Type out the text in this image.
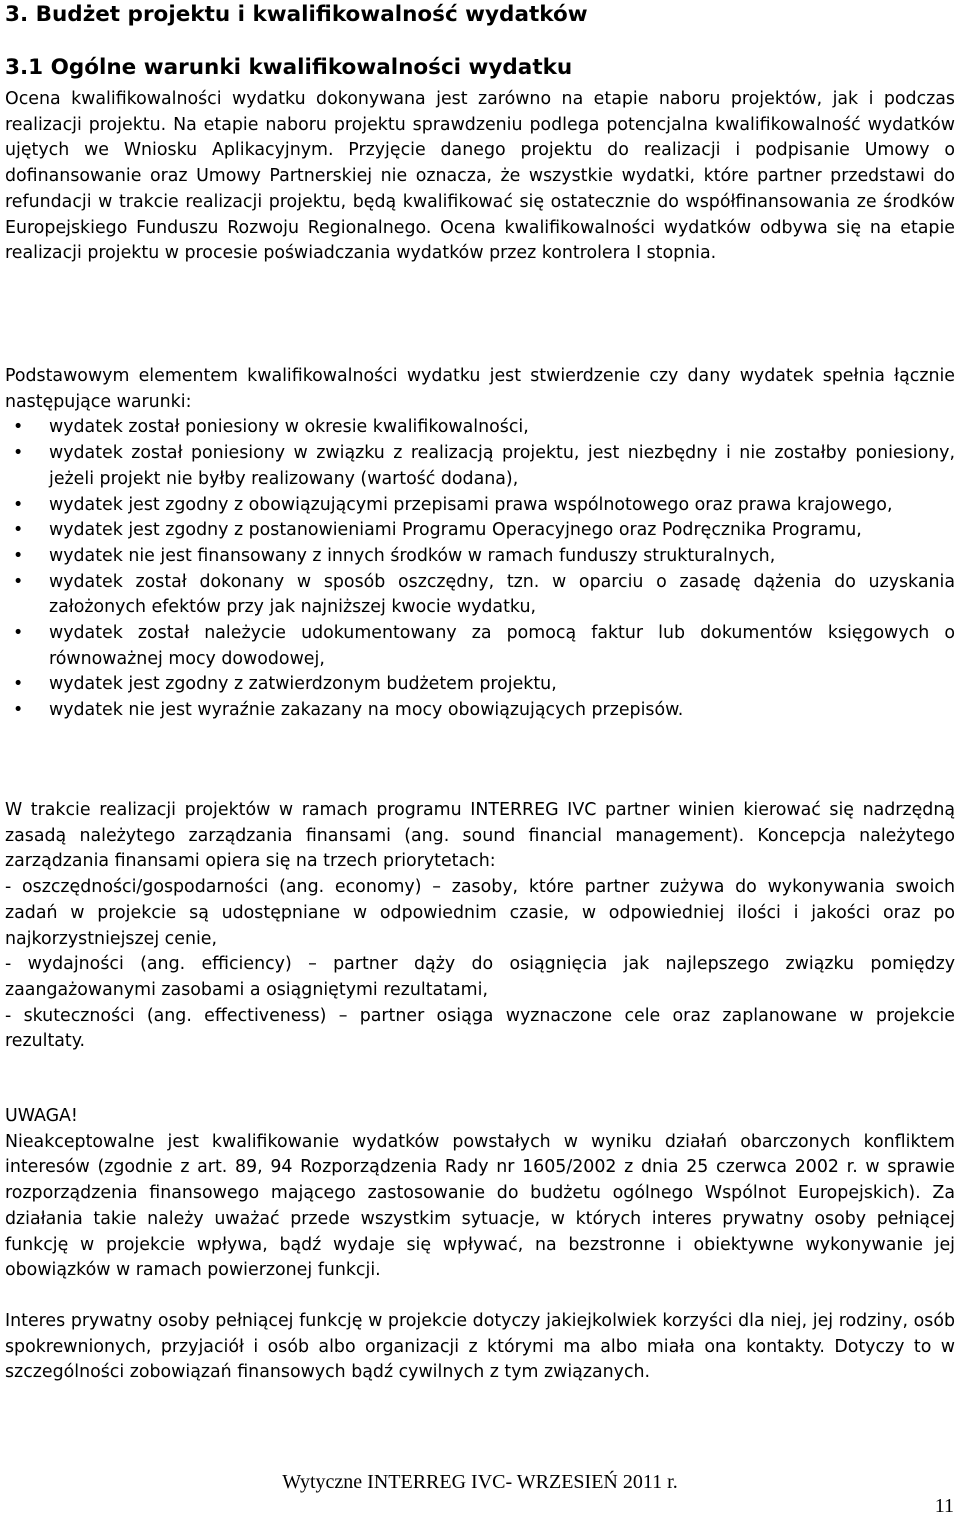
3. Budżet projektu i kwalifikowalność wydatków
3.1 Ogólne warunki kwalifikowalności wydatku

Ocena kwalifikowalności wydatku dokonywana jest zarówno na etapie naboru projektów, jak i podczas realizacji projektu. Na etapie naboru projektu sprawdzeniu podlega potencjalna kwalifikowalność wydatków ujętych we Wniosku Aplikacyjnym. Przyjęcie danego projektu do realizacji i podpisanie Umowy o dofinansowanie oraz Umowy Partnerskiej nie oznacza, że wszystkie wydatki, które partner przedstawi do refundacji w trakcie realizacji projektu, będą kwalifikować się ostatecznie do współfinansowania ze środków Europejskiego Funduszu Rozwoju Regionalnego. Ocena kwalifikowalności wydatków odbywa się na etapie realizacji projektu w procesie poświadczania wydatków przez kontrolera I stopnia.

Podstawowym elementem kwalifikowalności wydatku jest stwierdzenie czy dany wydatek spełnia łącznie następujące warunki:

• wydatek został poniesiony w okresie kwalifikowalności,
• wydatek został poniesiony w związku z realizacją projektu, jest niezbędny i nie zostałby poniesiony, jeżeli projekt nie byłby realizowany (wartość dodana),
• wydatek jest zgodny z obowiązującymi przepisami prawa wspólnotowego oraz prawa krajowego,
• wydatek jest zgodny z postanowieniami Programu Operacyjnego oraz Podręcznika Programu,
• wydatek nie jest finansowany z innych środków w ramach funduszy strukturalnych,
• wydatek został dokonany w sposób oszczędny, tzn. w oparciu o zasadę dążenia do uzyskania założonych efektów przy jak najniższej kwocie wydatku,
• wydatek został należycie udokumentowany za pomocą faktur lub dokumentów księgowych o równoważnej mocy dowodowej,
• wydatek jest zgodny z zatwierdzonym budżetem projektu,
• wydatek nie jest wyraźnie zakazany na mocy obowiązujących przepisów.

W trakcie realizacji projektów w ramach programu INTERREG IVC partner winien kierować się nadrzędną zasadą należytego zarządzania finansami (ang. sound financial management). Koncepcja należytego zarządzania finansami opiera się na trzech priorytetach:

- oszczędności/gospodarności (ang. economy) – zasoby, które partner zużywa do wykonywania swoich zadań w projekcie są udostępniane w odpowiednim czasie, w odpowiedniej ilości i jakości oraz po najkorzystniejszej cenie,

- wydajności (ang. efficiency) – partner dąży do osiągnięcia jak najlepszego związku pomiędzy zaangażowanymi zasobami a osiągniętymi rezultatami,

- skuteczności (ang. effectiveness) – partner osiąga wyznaczone cele oraz zaplanowane w projekcie rezultaty.

UWAGA!

Nieakceptowalne jest kwalifikowanie wydatków powstałych w wyniku działań obarczonych konfliktem interesów (zgodnie z art. 89, 94 Rozporządzenia Rady nr 1605/2002 z dnia 25 czerwca 2002 r. w sprawie rozporządzenia finansowego mającego zastosowanie do budżetu ogólnego Wspólnot Europejskich). Za działania takie należy uważać przede wszystkim sytuacje, w których interes prywatny osoby pełniącej funkcję w projekcie wpływa, bądź wydaje się wpływać, na bezstronne i obiektywne wykonywanie jej obowiązków w ramach powierzonej funkcji.

Interes prywatny osoby pełniącej funkcję w projekcie dotyczy jakiejkolwiek korzyści dla niej, jej rodziny, osób spokrewnionych, przyjaciół i osób albo organizacji z którymi ma albo miała ona kontakty. Dotyczy to w szczególności zobowiązań finansowych bądź cywilnych z tym związanych.

Wytyczne INTERREG IVC- WRZESIEŃ 2011 r.
11
